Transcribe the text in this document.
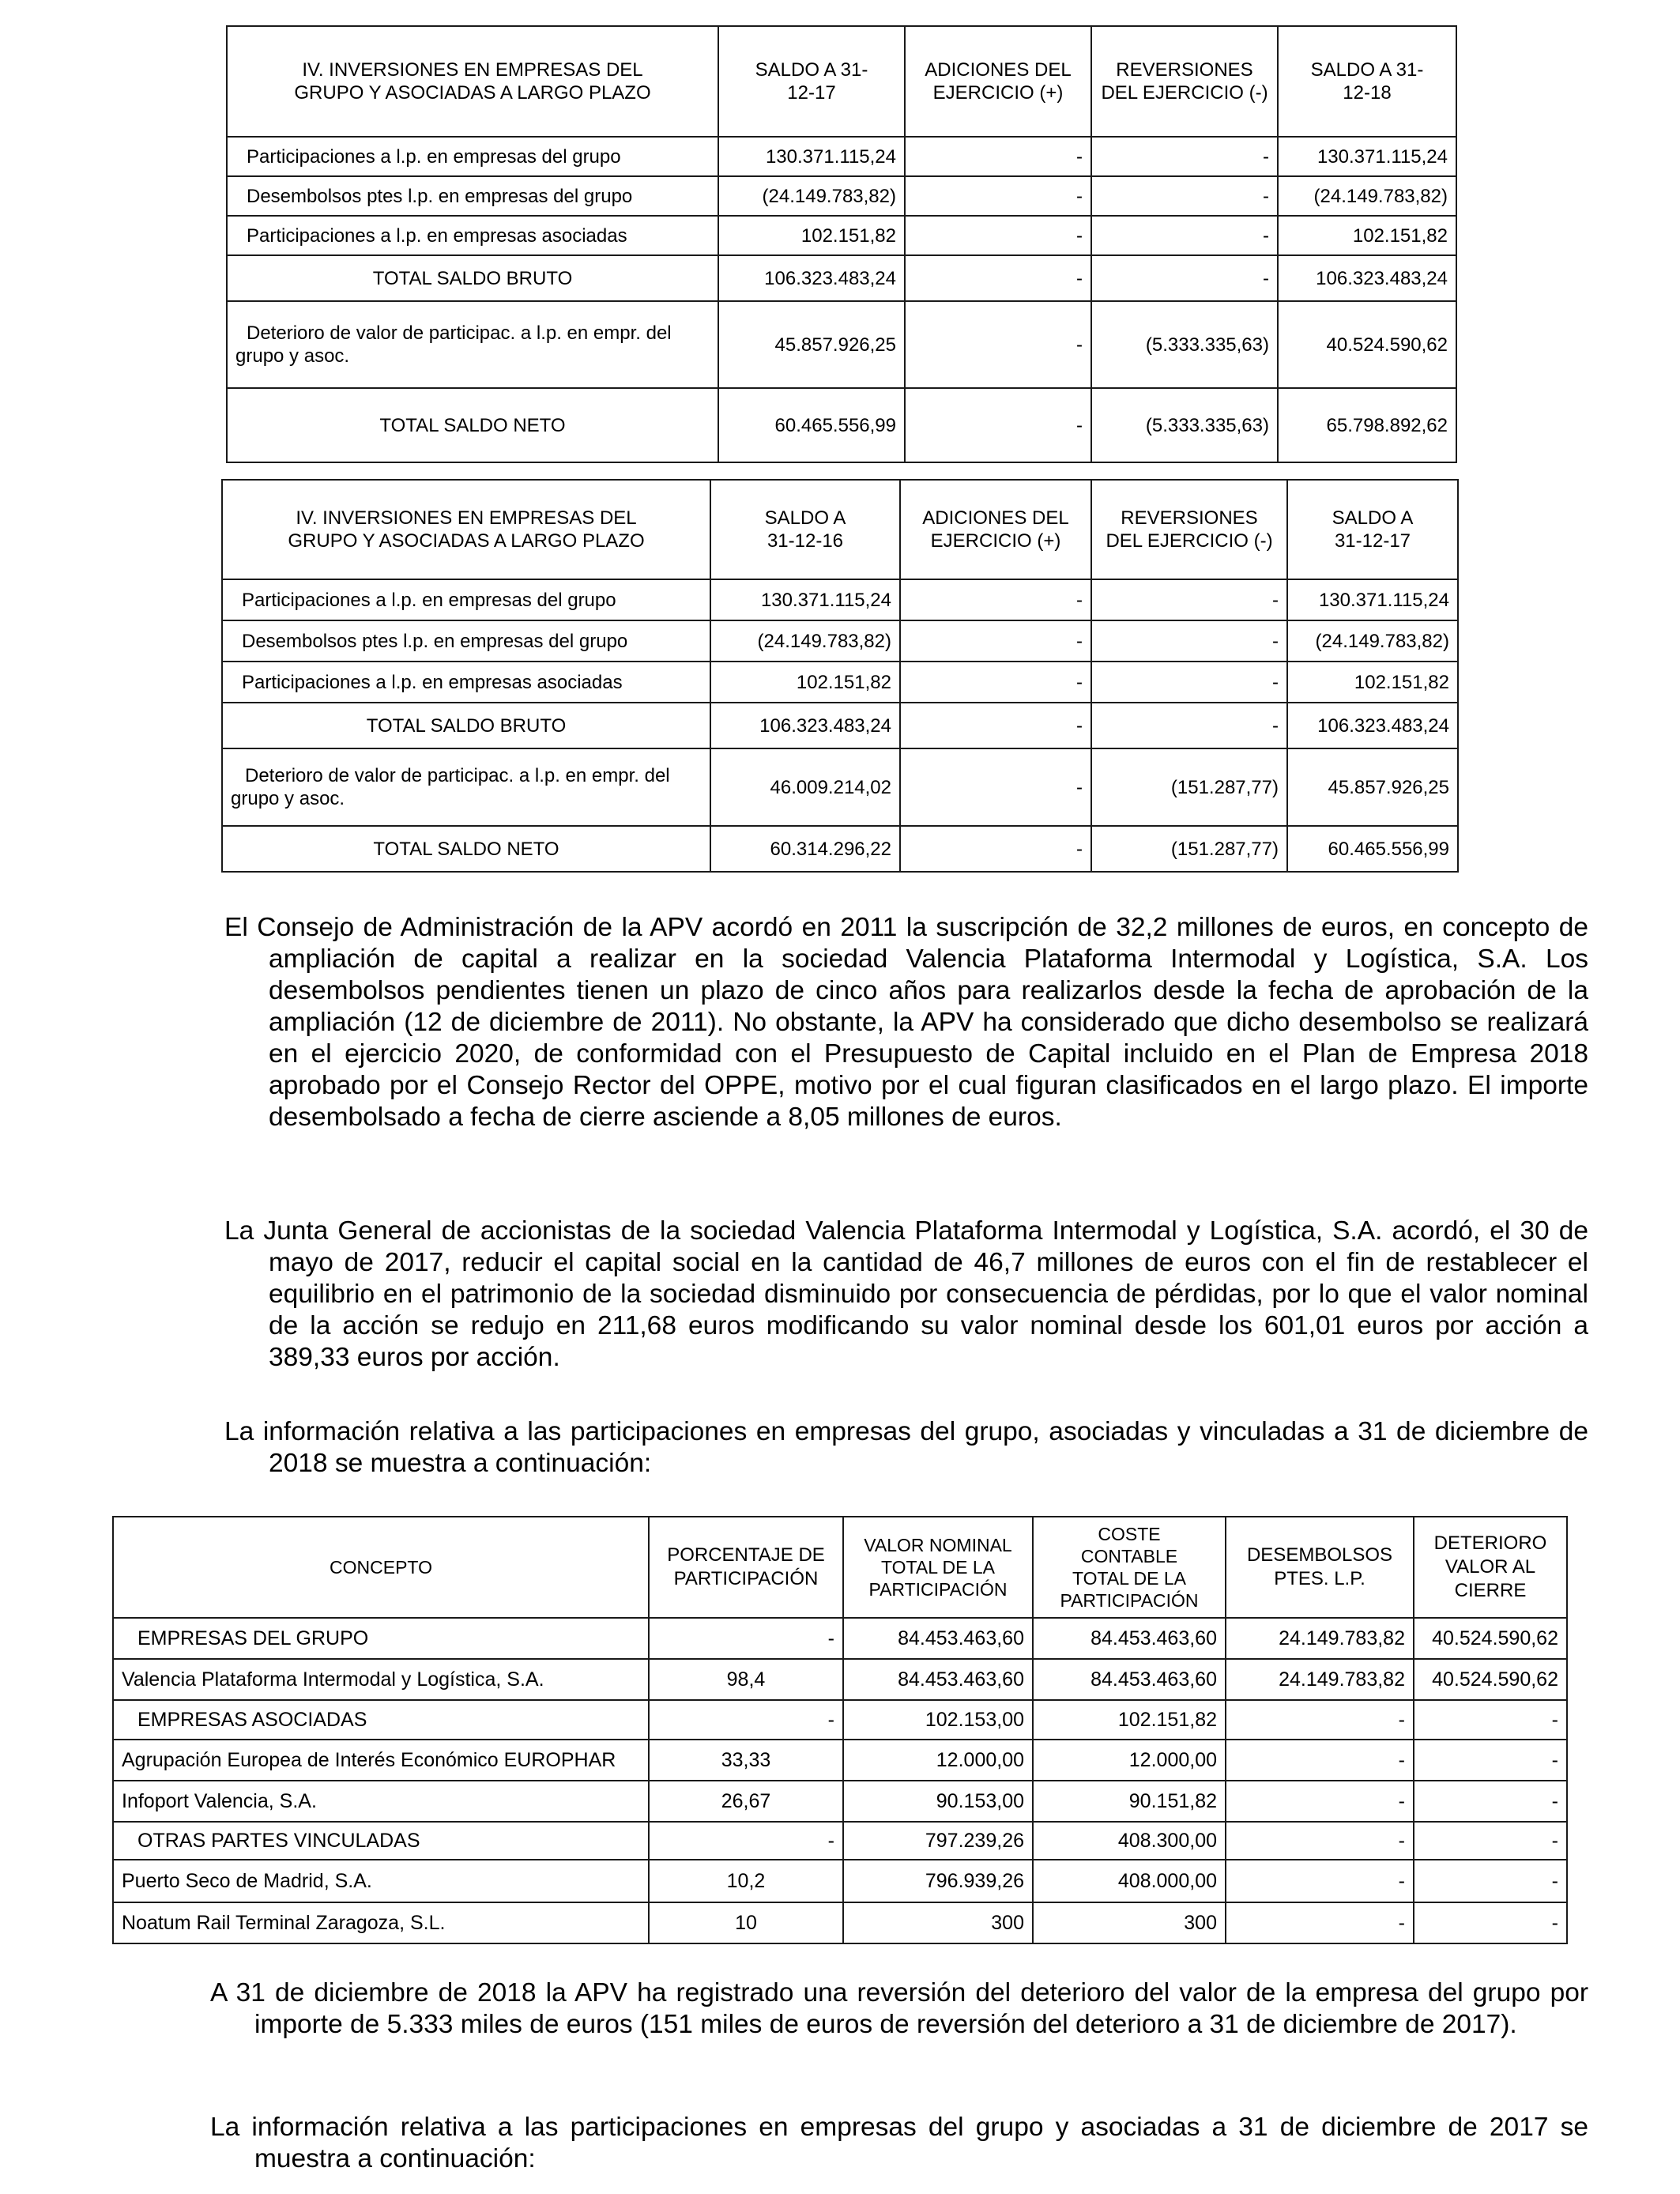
IV. INVERSIONES EN EMPRESAS DEL GRUPO Y ASOCIADAS A LARGO PLAZO	SALDO A 31-12-17	ADICIONES DEL EJERCICIO (+)	REVERSIONES DEL EJERCICIO (-)	SALDO A 31-12-18
Participaciones a l.p. en empresas del grupo	130.371.115,24	-	-	130.371.115,24
Desembolsos ptes l.p. en empresas del grupo	(24.149.783,82)	-	-	(24.149.783,82)
Participaciones a l.p. en empresas asociadas	102.151,82	-	-	102.151,82
TOTAL SALDO BRUTO	106.323.483,24	-	-	106.323.483,24
Deterioro de valor de participac. a l.p. en empr. del grupo y asoc.	45.857.926,25	-	(5.333.335,63)	40.524.590,62
TOTAL SALDO NETO	60.465.556,99	-	(5.333.335,63)	65.798.892,62
IV. INVERSIONES EN EMPRESAS DEL GRUPO Y ASOCIADAS A LARGO PLAZO	SALDO A 31-12-16	ADICIONES DEL EJERCICIO (+)	REVERSIONES DEL EJERCICIO (-)	SALDO A 31-12-17
Participaciones a l.p. en empresas del grupo	130.371.115,24	-	-	130.371.115,24
Desembolsos ptes l.p. en empresas del grupo	(24.149.783,82)	-	-	(24.149.783,82)
Participaciones a l.p. en empresas asociadas	102.151,82	-	-	102.151,82
TOTAL SALDO BRUTO	106.323.483,24	-	-	106.323.483,24
Deterioro de valor de participac. a l.p. en empr. del grupo y asoc.	46.009.214,02	-	(151.287,77)	45.857.926,25
TOTAL SALDO NETO	60.314.296,22	-	(151.287,77)	60.465.556,99

El Consejo de Administración de la APV acordó en 2011 la suscripción de 32,2 millones de euros, en concepto de ampliación de capital a realizar en la sociedad Valencia Plataforma Intermodal y Logística, S.A. Los desembolsos pendientes tienen un plazo de cinco años para realizarlos desde la fecha de aprobación de la ampliación (12 de diciembre de 2011). No obstante, la APV ha considerado que dicho desembolso se realizará en el ejercicio 2020, de conformidad con el Presupuesto de Capital incluido en el Plan de Empresa 2018 aprobado por el Consejo Rector del OPPE, motivo por el cual figuran clasificados en el largo plazo. El importe desembolsado a fecha de cierre asciende a 8,05 millones de euros.

La Junta General de accionistas de la sociedad Valencia Plataforma Intermodal y Logística, S.A. acordó, el 30 de mayo de 2017, reducir el capital social en la cantidad de 46,7 millones de euros con el fin de restablecer el equilibrio en el patrimonio de la sociedad disminuido por consecuencia de pérdidas, por lo que el valor nominal de la acción se redujo en 211,68 euros modificando su valor nominal desde los 601,01 euros por acción a 389,33 euros por acción.

La información relativa a las participaciones en empresas del grupo, asociadas y vinculadas a 31 de diciembre de 2018 se muestra a continuación:

CONCEPTO	PORCENTAJE DE PARTICIPACIÓN	VALOR NOMINAL TOTAL DE LA PARTICIPACIÓN	COSTE CONTABLE TOTAL DE LA PARTICIPACIÓN	DESEMBOLSOS PTES. L.P.	DETERIORO VALOR AL CIERRE
EMPRESAS DEL GRUPO	-	84.453.463,60	84.453.463,60	24.149.783,82	40.524.590,62
Valencia Plataforma Intermodal y Logística, S.A.	98,4	84.453.463,60	84.453.463,60	24.149.783,82	40.524.590,62
EMPRESAS ASOCIADAS	-	102.153,00	102.151,82	-	-
Agrupación Europea de Interés Económico EUROPHAR	33,33	12.000,00	12.000,00	-	-
Infoport Valencia, S.A.	26,67	90.153,00	90.151,82	-	-
OTRAS PARTES VINCULADAS	-	797.239,26	408.300,00	-	-
Puerto Seco de Madrid, S.A.	10,2	796.939,26	408.000,00	-	-
Noatum Rail Terminal Zaragoza, S.L.	10	300	300	-	-

A 31 de diciembre de 2018 la APV ha registrado una reversión del deterioro del valor de la empresa del grupo por importe de 5.333 miles de euros (151 miles de euros de reversión del deterioro a 31 de diciembre de 2017).

La información relativa a las participaciones en empresas del grupo y asociadas a 31 de diciembre de 2017 se muestra a continuación:
